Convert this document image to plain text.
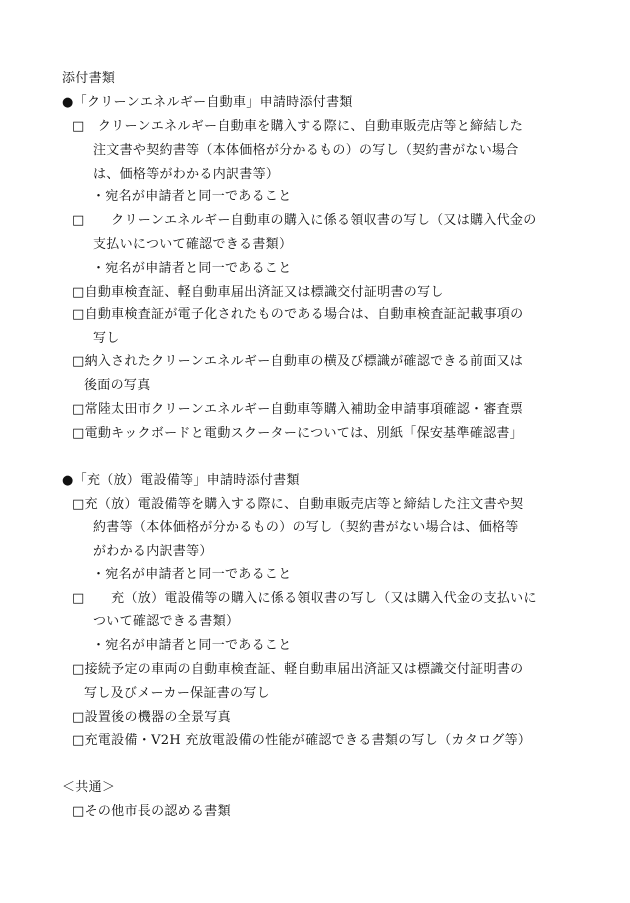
添付書類
●「クリーンエネルギー自動車」申請時添付書類
□　クリーンエネルギー自動車を購入する際に、自動車販売店等と締結した
注文書や契約書等（本体価格が分かるもの）の写し（契約書がない場合
は、価格等がわかる内訳書等）
・宛名が申請者と同一であること
□　　クリーンエネルギー自動車の購入に係る領収書の写し（又は購入代金の
支払いについて確認できる書類）
・宛名が申請者と同一であること
□自動車検査証、軽自動車届出済証又は標識交付証明書の写し
□自動車検査証が電子化されたものである場合は、自動車検査証記載事項の
写し
□納入されたクリーンエネルギー自動車の横及び標識が確認できる前面又は
後面の写真
□常陸太田市クリーンエネルギー自動車等購入補助金申請事項確認・審査票
□電動キックボードと電動スクーターについては、別紙「保安基準確認書」
●「充（放）電設備等」申請時添付書類
□充（放）電設備等を購入する際に、自動車販売店等と締結した注文書や契
約書等（本体価格が分かるもの）の写し（契約書がない場合は、価格等
がわかる内訳書等）
・宛名が申請者と同一であること
□　　充（放）電設備等の購入に係る領収書の写し（又は購入代金の支払いに
ついて確認できる書類）
・宛名が申請者と同一であること
□接続予定の車両の自動車検査証、軽自動車届出済証又は標識交付証明書の
写し及びメーカー保証書の写し
□設置後の機器の全景写真
□充電設備・V2H 充放電設備の性能が確認できる書類の写し（カタログ等）
＜共通＞
□その他市長の認める書類
